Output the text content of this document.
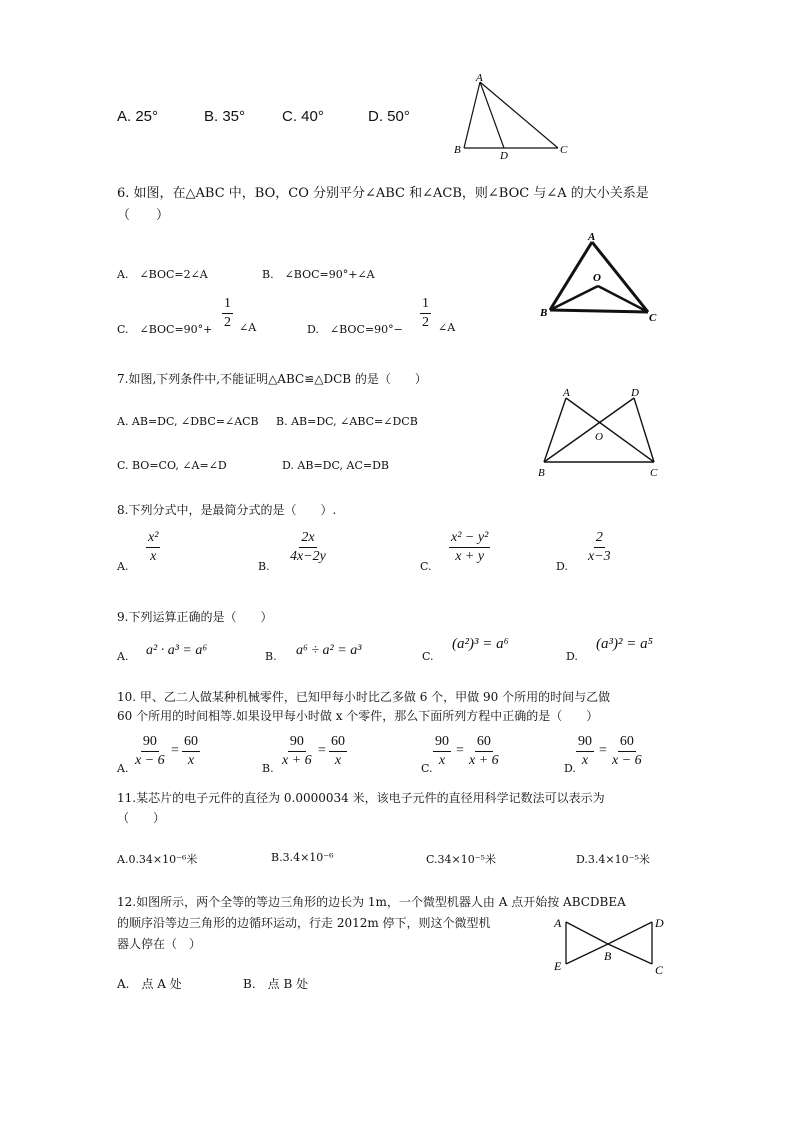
A. 25°	B. 35° C. 40°	D. 50°
A
B	D	C
6. 如图，在△ABC 中，BO，CO 分别平分∠ABC 和∠ACB，则∠BOC 与∠A 的大小关系是
（　　）
A.　∠BOC=2∠A	B.　∠BOC=90°+∠A
C.　∠BOC=90°+ $\frac{1}{2}$ ∠A	D.　∠BOC=90°− $\frac{1}{2}$ ∠A
A
O
B	C
7.如图,下列条件中,不能证明△ABC≌△DCB 的是（　　）
A. AB=DC, ∠DBC=∠ACB B. AB=DC, ∠ABC=∠DCB
C. BO=CO, ∠A=∠D	D. AB=DC, AC=DB
A	D
O
B	C
8.下列分式中，是最简分式的是（　　）.
A.
$\frac{\text{x²}}{x}$
B.
$\frac{2x}{4x-2y}$
C.
$\frac{\text{x² − y²}}{x + y}$
D.
$\frac{2}{x-3}$
9.下列运算正确的是（　　）
A. a² · a³ = a⁶	B. a⁶ ÷ a² = a³	C.
(a²)³ = a⁶
D.
(a³)² = a⁵
10. 甲、乙二人做某种机械零件，已知甲每小时比乙多做 6 个，甲做 90 个所用的时间与乙做
60 个所用的时间相等.如果设甲每小时做 x 个零件，那么下面所列方程中正确的是（　　）
A. $\frac{90}{x - 6} = \frac{60}{x}$	B. $\frac{90}{x + 6} = \frac{60}{x}$	C. $\frac{90}{x} = \frac{60}{x + 6}$	D. $\frac{90}{x} = \frac{60}{x - 6}$
11.某芯片的电子元件的直径为 0.0000034 米，该电子元件的直径用科学记数法可以表示为
（　　）
A.0.34×10⁻⁶米	B.3.4×10⁻⁶	C.34×10⁻⁵米	D.3.4×10⁻⁵米
12.如图所示，两个全等的等边三角形的边长为 1m，一个微型机器人由 A 点开始按 ABCDBEA
的顺序沿等边三角形的边循环运动，行走 2012m 停下，则这个微型机
器人停在（　）
A.　点 A 处	B.　点 B 处
A	D
B
E	C
